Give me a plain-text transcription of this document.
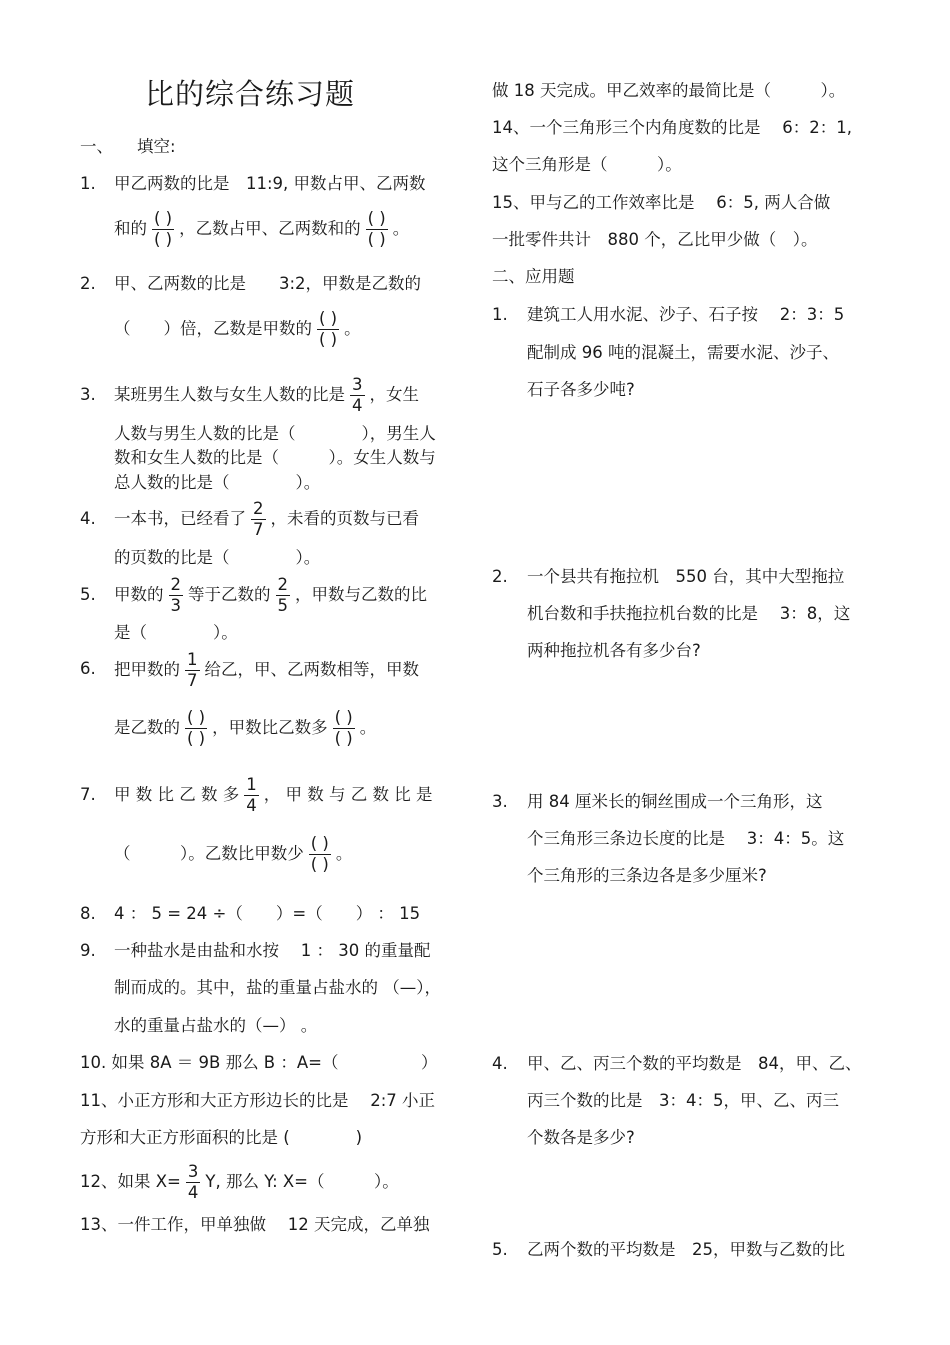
比的综合练习题
一、 填空:
1. 甲乙两数的比是　11:9, 甲数占甲、乙两数
和的 $\frac{( )}{( )}$ ，乙数占甲、乙两数和的 $\frac{( )}{( )}$ 。
2. 甲、乙两数的比是　　3:2，甲数是乙数的
（　　）倍，乙数是甲数的 $\frac{( )}{( )}$ 。
3. 某班男生人数与女生人数的比是 $\frac{3}{4}$ ，女生
人数与男生人数的比是（　　　　），男生人
数和女生人数的比是（　　　）。女生人数与
总人数的比是（　　　　）。
4. 一本书，已经看了 $\frac{2}{7}$ ，未看的页数与已看
的页数的比是（　　　　）。
5. 甲数的 $\frac{2}{3}$ 等于乙数的 $\frac{2}{5}$ ，甲数与乙数的比
是（　　　　）。
6. 把甲数的 $\frac{1}{7}$ 给乙，甲、乙两数相等，甲数
是乙数的 $\frac{( )}{( )}$ ，甲数比乙数多 $\frac{( )}{( )}$ 。
7. 甲 数 比 乙 数 多 $\frac{1}{4}$ ， 甲 数 与 乙 数 比 是
（　　　）。乙数比甲数少 $\frac{( )}{( )}$ 。
8. 4 ： 5 = 24 ÷（　　）=（　　） ： 15
9. 一种盐水是由盐和水按　 1 ： 30 的重量配
制而成的。其中，盐的重量占盐水的 （—），
水的重量占盐水的（—） 。
10. 如果 8A ＝ 9B 那么 B ：A=（　　　　　）
11、小正方形和大正方形边长的比是　 2:7 小正
方形和大正方形面积的比是 (　　　　)
12、如果 $X= \frac{3}{4} Y$, 那么 Y: X=（　　　）。
13、一件工作，甲单独做　 12 天完成，乙单独
做 18 天完成。甲乙效率的最简比是（　　　）。
14、一个三角形三个内角度数的比是　 6：2：1,
这个三角形是（　　　）。
15、甲与乙的工作效率比是　 6：5, 两人合做
一批零件共计　880 个，乙比甲少做（　）。
二、应用题
1. 建筑工人用水泥、沙子、石子按　 2：3：5
配制成 96 吨的混凝土，需要水泥、沙子、
石子各多少吨?
2. 一个县共有拖拉机　550 台，其中大型拖拉
机台数和手扶拖拉机台数的比是　 3：8，这
两种拖拉机各有多少台?
3. 用 84 厘米长的铜丝围成一个三角形，这
个三角形三条边长度的比是　 3：4：5。这
个三角形的三条边各是多少厘米?
4. 甲、乙、丙三个数的平均数是　84，甲、乙、
丙三个数的比是　3：4：5，甲、乙、丙三
个数各是多少?
5. 乙两个数的平均数是　25，甲数与乙数的比
